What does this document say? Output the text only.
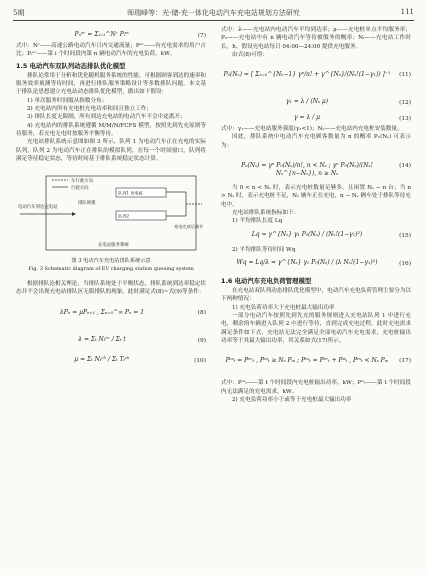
5期	师瑞峰等：光-储-充一体化电动汽车充电站规划方法研究	111
Pₙᵉᵛ = Σᵢ₌₁^Nᶜ Pᵢᵉᵛ	(7)

式中：Nᶜ——高速公路电动汽车日内交通流量；Pᵉᵛ——有充电需求的用户占比；Pᵢᵉᵛ——第 i 个时间段内第 n 辆电动汽车的充电负荷，kW。

1.5 电动汽车双队列动态排队优化模型

排队论常用于分析和优化随机服务系统的性能，可根据顾客到达的速率和服务效率预测等待时间，再进行排队服务策略设计等多数排队问题。本文基于排队论思想建立充电站动态排队优化模型，做出如下假设：

1) 单次服务时间服从指数分布；

2) 充电站内所有充电桩充电功率和同且独立工作；

3) 排队长度无限制，所有到达充电站的电动汽车不会中途离开；

4) 充电站内的排队系统遵循 M/M/N/FCFS 模型，按照先到先充原则等待服务，若充电无电时按服务平衡等待。

充电站排队系统示意图如图 3 所示，队列 1 为电动汽车正在充电的实际队列，队列 2 为电动汽车正在排队的模拟队列，在每一个时间窗口，队列将满足等待稳定状态，等待时间基于排队系统稳定状态计算。

车行驶方向
行驶方向
队列1 充电桩
队列2
排队规模
电动汽车到达充电站
充电完成后离开
充电站服务系统
图 3 电动汽车充电站排队系统示意
Fig. 3 Schematic diagram of EV charging station queuing system

根据排队论相关理论，当排队系统处于平衡状态，排队系统到达率稳定状态并不会出现充电站排队区无限排队的现象，此时满足式(8)~式(9)等条件：

λPₙ = μPₙ₊₁ , Σₙ₌₀^∞ Pₙ = 1	(8)
λ = Σₜ Nₜᵉᵛ / Σₜ t	(9)
μ = Σₜ Nₜᶜʰ / Σₜ Tₜᶜʰ	(10)

式中：λ——充电站内电动汽车平均到达率；μ——充电桩单点平均服务率；Pₙ——充电站中有 n 辆电动汽车等待被服务的概率；Nₜ——充电站工作时长，h。假设充电站每日 04:00—24:00 提供充电服务。

由式(8)可得：

P₀(Nₛ) = [ Σₙ₌₀^{Nₛ−1} γⁿ/n! + γ^{Nₛ}/(Nₛ!(1−γ₁)) ]⁻¹	(11)
γ₁ = λ / (Nₛ μ)	(12)
γ = λ / μ	(13)

式中：γ₁——充电站服务强度(γ₁<1)；Nₛ——充电站内充电桩安装数量。

因此，排队系统中电动汽车充电顾客数量为 n 的概率 Pₙ(Nₛ) 可表示为：

Pₙ(Nₛ) = γⁿ P₀(Nₛ)/n!, n < Nₛ ; γⁿ P₀(Nₛ)/(Nₛ! Nₛ^{n−Nₛ}), n ≥ Nₛ
(14)

当 0 < n < Nₛ 时，表示充电桩数量足够多，且闲置 Nₛ − n 台；当 n > Nₛ 时，表示充电桩不足，Nₛ 辆车正在充电，n − Nₛ 辆车处于排队等待充电中。

充电站排队系统指标如下：

1) 平均排队长度 Lq

Lq = γ^{Nₛ} γ₁ P₀(Nₛ) / (Nₛ!(1−γ₁)²)	(15)

2) 平均排队等待时间 Wq

Wq = Lq/λ = γ^{Nₛ} γ₁ P₀(Nₛ) / (λ Nₛ!(1−γ₁)²)	(16)
1.6 电动汽车充电负荷管理模型

在充电站双队列动态排队优化模型中，电动汽车充电负荷管理主要分为以下两种情况：

1) 充电负荷功率大于充电桩最大输出功率

一部分电动汽车按照先到先充的服务规则进入充电站队列 1 中进行充电，剩余的车辆进入队列 2 中进行等待，直到完成充电过程。此时充电需求满足条件如下式，充电站无法完全满足全部电动汽车充电需求，充电桩输出功率等于其最大输出功率，其关系如式(17)所示。

Pᶜˢₜ = Pᵉᵛₜ , Pᶜˢₜ ≥ Nₛ Pₘ ; Pᶜˢₜ = Pᵉᵛₜ + Pʷₜ , Pᶜˢₜ < Nₛ Pₘ	(17)

式中：Pᶜˢₜ——第 t 个时间段内充电桩输出功率，kW；Pʷₜ——第 t 个时间段内无法满足的充电需求，kW。

2) 充电负荷功率小于或等于充电桩最大输出功率
